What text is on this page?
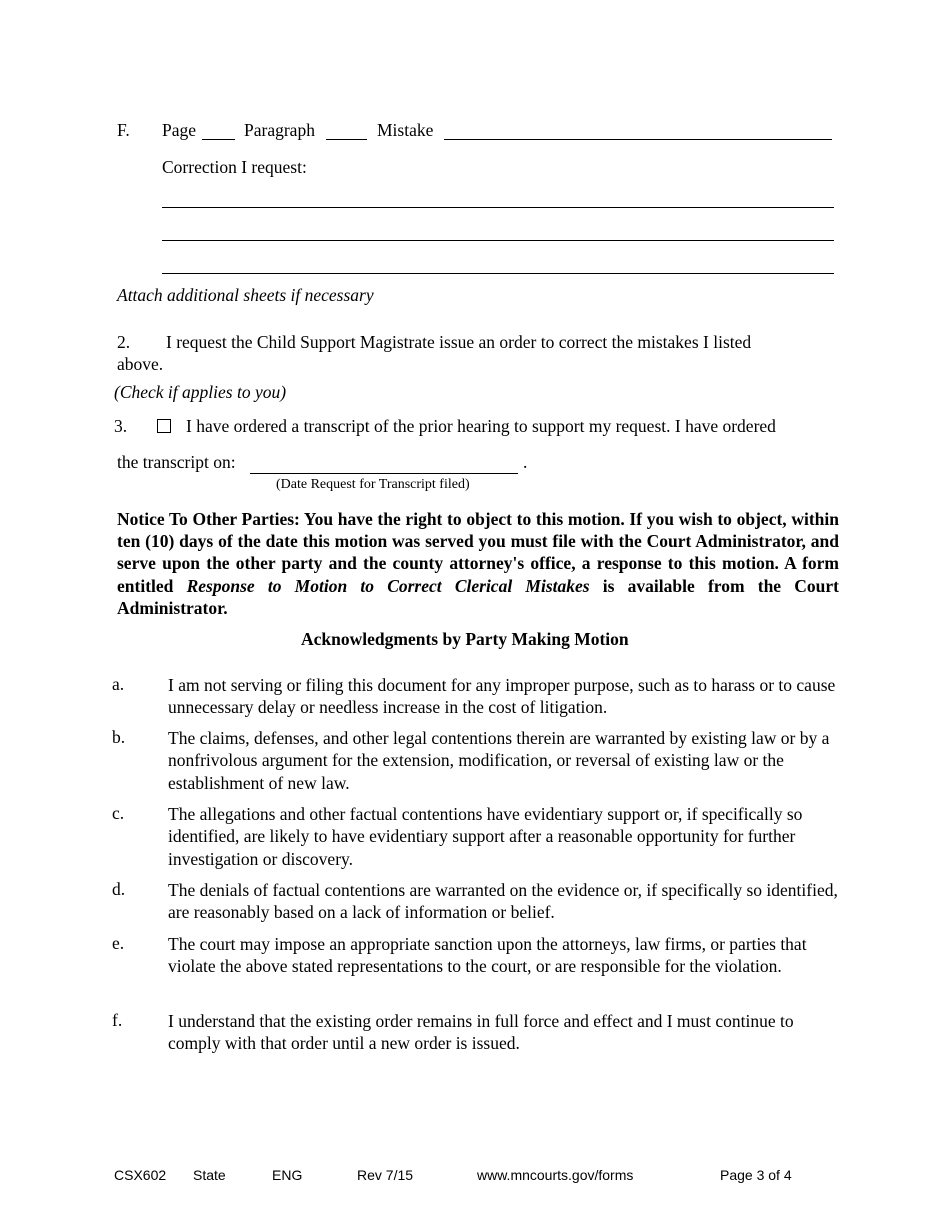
F. Page	Paragraph	Mistake
Correction I request:
Attach additional sheets if necessary
2. I request the Child Support Magistrate issue an order to correct the mistakes I listed
above.
(Check if applies to you)
3.	I have ordered a transcript of the prior hearing to support my request. I have ordered
the transcript on:	.
(Date Request for Transcript filed)
Notice To Other Parties: You have the right to object to this motion. If you wish to object, within ten (10) days of the date this motion was served you must file with the Court Administrator, and serve upon the other party and the county attorney's office, a response to this motion. A form entitled Response to Motion to Correct Clerical Mistakes is available from the Court Administrator.
Acknowledgments by Party Making Motion
a.	I am not serving or filing this document for any improper purpose, such as to harass or to cause unnecessary delay or needless increase in the cost of litigation.
b. The claims, defenses, and other legal contentions therein are warranted by existing law or by a nonfrivolous argument for the extension, modification, or reversal of existing law or the establishment of new law.
c.	The allegations and other factual contentions have evidentiary support or, if specifically so identified, are likely to have evidentiary support after a reasonable opportunity for further investigation or discovery.
d. The denials of factual contentions are warranted on the evidence or, if specifically so identified, are reasonably based on a lack of information or belief.
e.	The court may impose an appropriate sanction upon the attorneys, law firms, or parties that violate the above stated representations to the court, or are responsible for the violation.
f.	I understand that the existing order remains in full force and effect and I must continue to comply with that order until a new order is issued.
CSX602 State	ENG	Rev 7/15	www.mncourts.gov/forms	Page 3 of 4
